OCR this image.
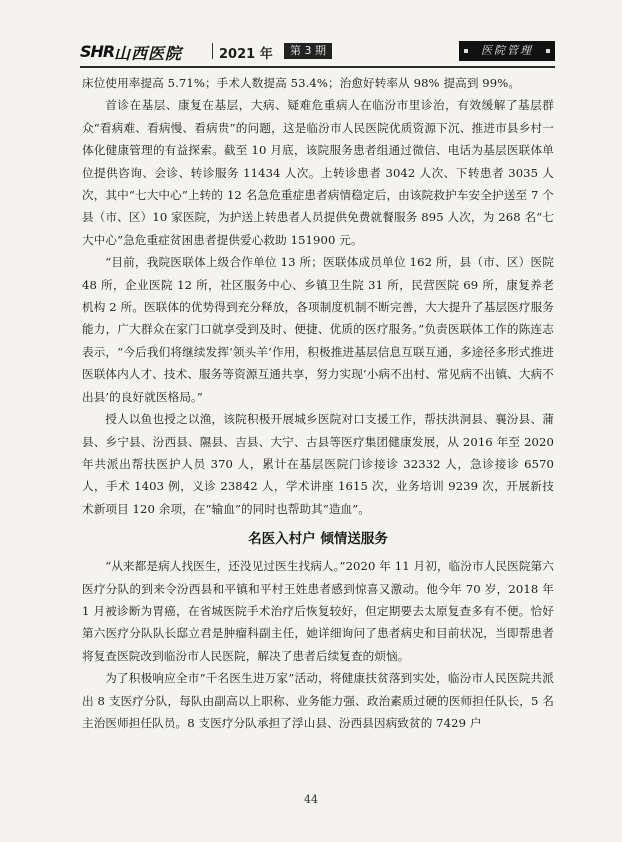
SHR 山西医院	2021 年	第 3 期	医院管理

床位使用率提高 5.71%；手术人数提高 53.4%；治愈好转率从 98% 提高到 99%。

首诊在基层、康复在基层，大病、疑难危重病人在临汾市里诊治，有效缓解了基层群众“看病难、看病慢、看病贵”的问题，这是临汾市人民医院优质资源下沉、推进市县乡村一体化健康管理的有益探索。截至 10 月底，该院服务患者组通过微信、电话为基层医联体单位提供咨询、会诊、转诊服务 11434 人次。上转诊患者 3042 人次、下转患者 3035 人次，其中“七大中心”上转的 12 名急危重症患者病情稳定后，由该院救护车安全护送至 7 个县（市、区）10 家医院，为护送上转患者人员提供免费就餐服务 895 人次，为 268 名“七大中心”急危重症贫困患者提供爱心救助 151900 元。

“目前，我院医联体上级合作单位 13 所；医联体成员单位 162 所，县（市、区）医院 48 所，企业医院 12 所，社区服务中心、乡镇卫生院 31 所，民营医院 69 所，康复养老机构 2 所。医联体的优势得到充分释放，各项制度机制不断完善，大大提升了基层医疗服务能力，广大群众在家门口就享受到及时、便捷、优质的医疗服务。”负责医联体工作的陈连志表示，“今后我们将继续发挥‘领头羊’作用，积极推进基层信息互联互通，多途径多形式推进医联体内人才、技术、服务等资源互通共享，努力实现‘小病不出村、常见病不出镇、大病不出县’的良好就医格局。”

授人以鱼也授之以渔，该院积极开展城乡医院对口支援工作，帮扶洪洞县、襄汾县、蒲县、乡宁县、汾西县、隰县、吉县、大宁、古县等医疗集团健康发展，从 2016 年至 2020 年共派出帮扶医护人员 370 人，累计在基层医院门诊接诊 32332 人，急诊接诊 6570 人，手术 1403 例，义诊 23842 人，学术讲座 1615 次，业务培训 9239 次，开展新技术新项目 120 余项，在“输血”的同时也帮助其“造血”。

名医入村户 倾情送服务

“从来都是病人找医生，还没见过医生找病人。”2020 年 11 月初，临汾市人民医院第六医疗分队的到来令汾西县和平镇和平村王姓患者感到惊喜又激动。他今年 70 岁，2018 年 1 月被诊断为胃癌，在省城医院手术治疗后恢复较好，但定期要去太原复查多有不便。恰好第六医疗分队队长邸立君是肿瘤科副主任，她详细询问了患者病史和目前状况，当即帮患者将复查医院改到临汾市人民医院，解决了患者后续复查的烦恼。

为了积极响应全市“千名医生进万家”活动，将健康扶贫落到实处，临汾市人民医院共派出 8 支医疗分队，每队由副高以上职称、业务能力强、政治素质过硬的医师担任队长，5 名主治医师担任队员。8 支医疗分队承担了浮山县、汾西县因病致贫的 7429 户

44
